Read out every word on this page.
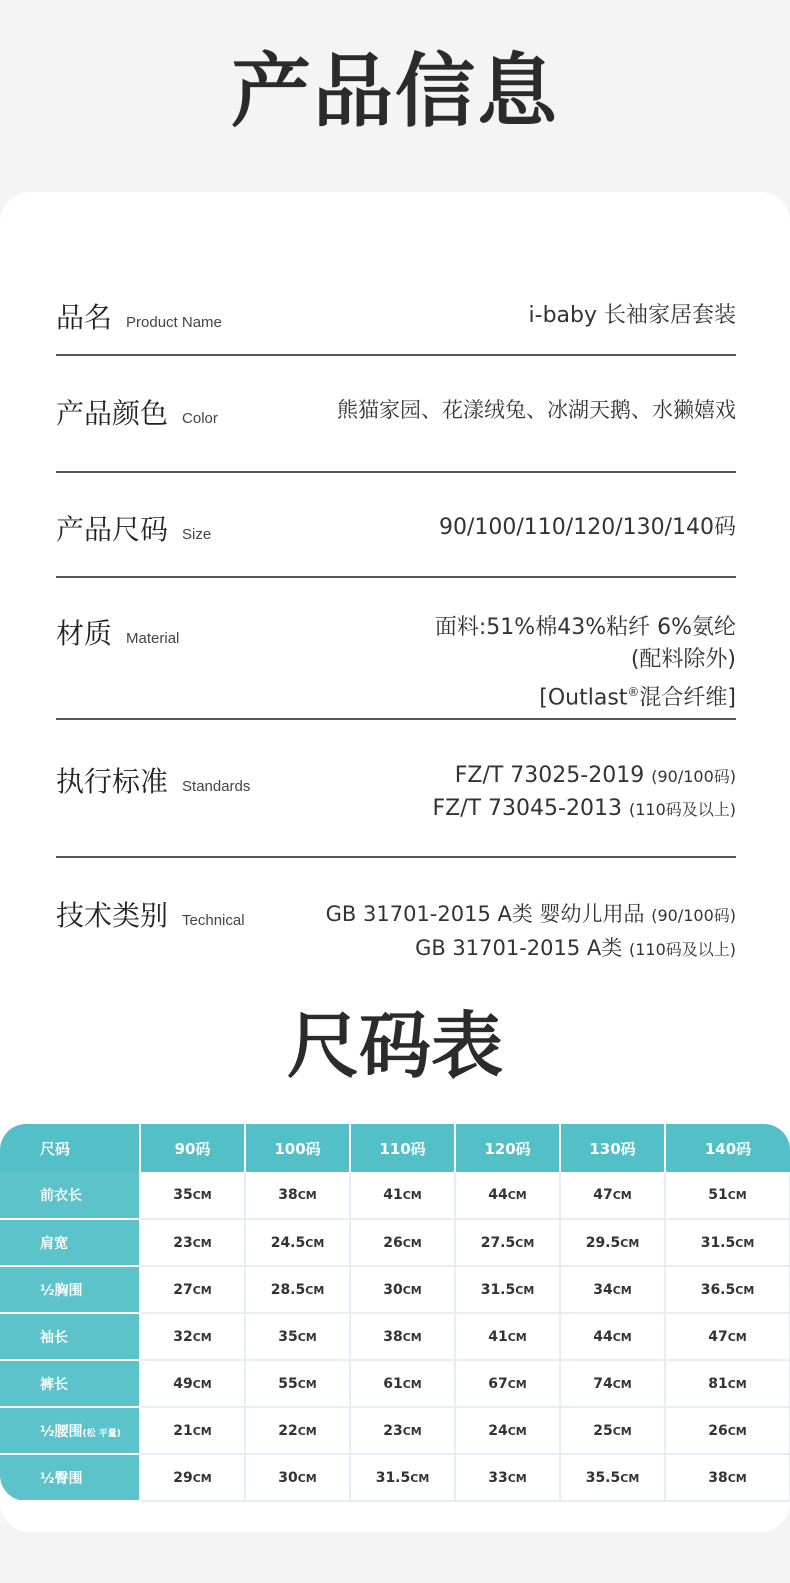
产品信息
品名 Product Name	i-baby 长袖家居套装
产品颜色 Color	熊猫家园、花漾绒兔、冰湖天鹅、水獭嬉戏
产品尺码 Size	90/100/110/120/130/140码
材质 Material	面料:51%棉43%粘纤 6%氨纶
(配料除外)
[Outlast®混合纤维]
执行标准 Standards	FZ/T 73025-2019 (90/100码)
FZ/T 73045-2013 (110码及以上)
技术类别 Technical	GB 31701-2015 A类 婴幼儿用品 (90/100码)
GB 31701-2015 A类 (110码及以上)
尺码表
尺码	90码	100码	110码	120码	130码	140码
前衣长	35CM	38CM	41CM	44CM	47CM	51CM
肩宽	23CM	24.5CM	26CM	27.5CM	29.5CM	31.5CM
½胸围	27CM	28.5CM	30CM	31.5CM	34CM	36.5CM
袖长	32CM	35CM	38CM	41CM	44CM	47CM
裤长	49CM	55CM	61CM	67CM	74CM	81CM
½腰围(松 平量)	21CM	22CM	23CM	24CM	25CM	26CM
½臀围	29CM	30CM	31.5CM	33CM	35.5CM	38CM
